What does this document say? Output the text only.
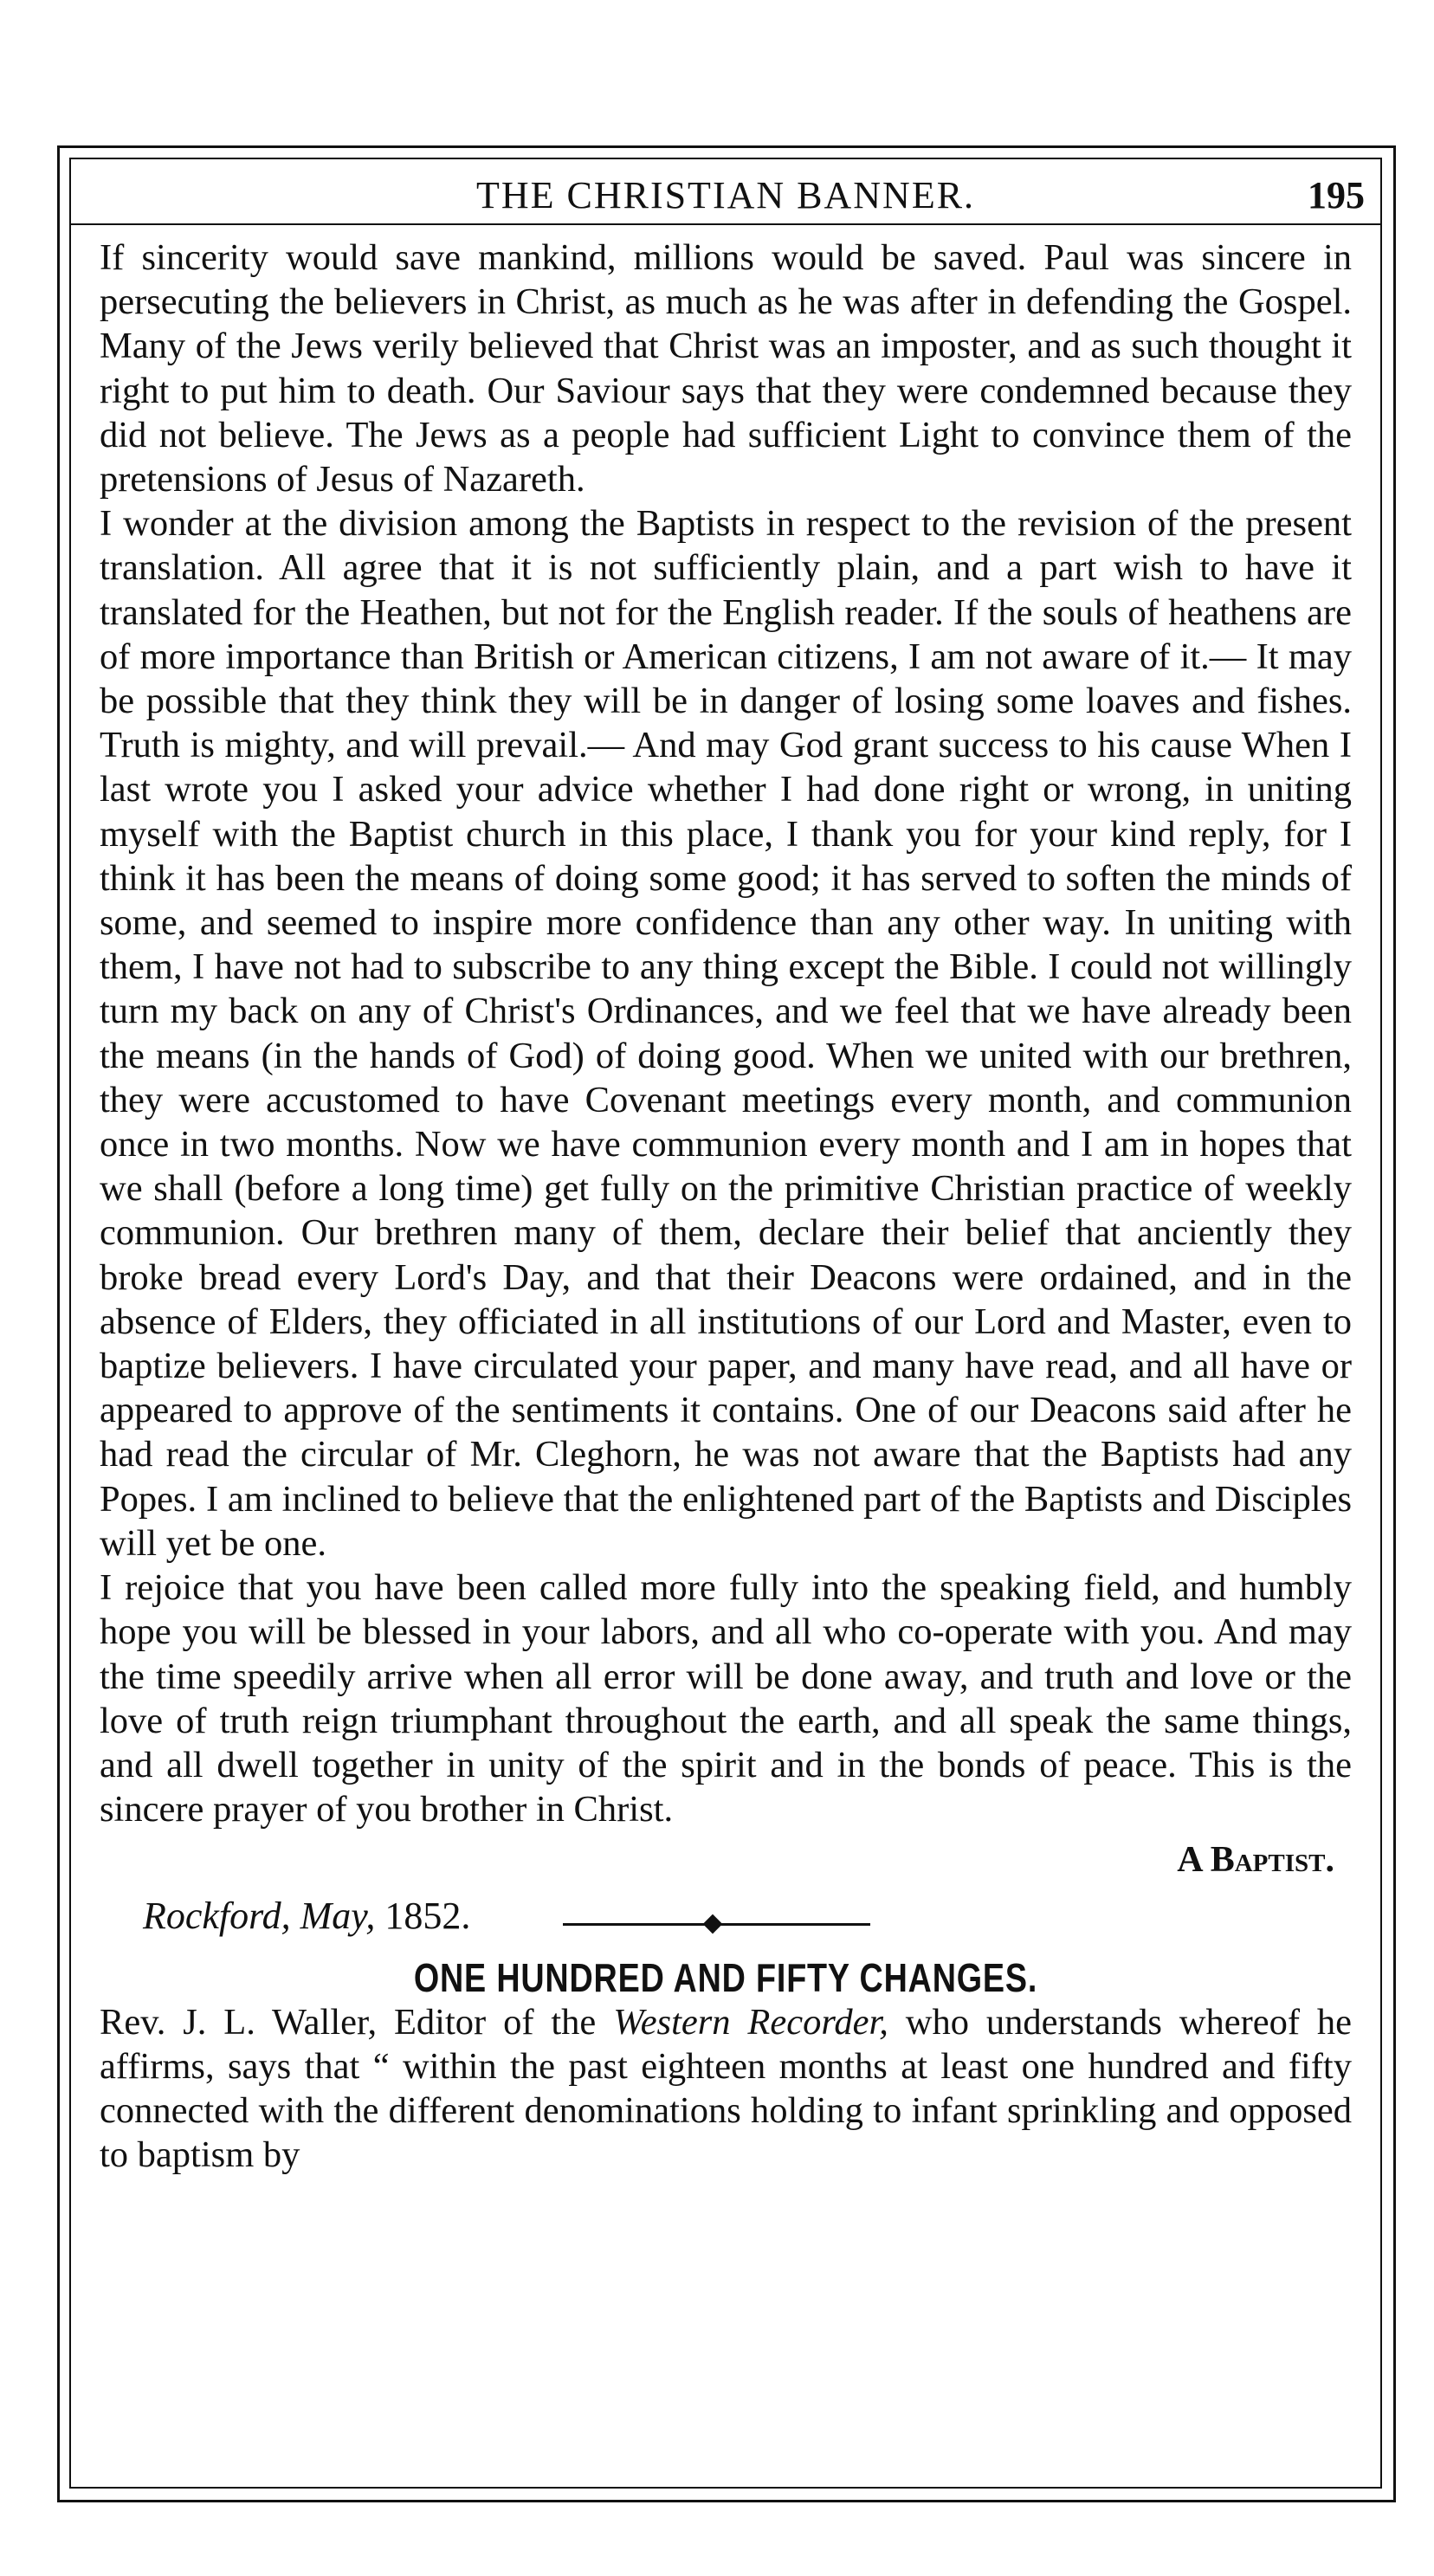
THE CHRISTIAN BANNER.	195

If sincerity would save mankind, millions would be saved. Paul was sincere in persecuting the believers in Christ, as much as he was after in defending the Gospel. Many of the Jews verily believed that Christ was an imposter, and as such thought it right to put him to death. Our Saviour says that they were condemned because they did not believe. The Jews as a people had sufficient Light to convince them of the pretensions of Jesus of Nazareth.

I wonder at the division among the Baptists in respect to the revision of the present translation. All agree that it is not sufficiently plain, and a part wish to have it translated for the Heathen, but not for the English reader. If the souls of heathens are of more importance than British or American citizens, I am not aware of it.— It may be possible that they think they will be in danger of losing some loaves and fishes. Truth is mighty, and will prevail.— And may God grant success to his cause When I last wrote you I asked your advice whether I had done right or wrong, in uniting myself with the Baptist church in this place, I thank you for your kind reply, for I think it has been the means of doing some good; it has served to soften the minds of some, and seemed to inspire more confidence than any other way. In uniting with them, I have not had to subscribe to any thing except the Bible. I could not willingly turn my back on any of Christ's Ordinances, and we feel that we have already been the means (in the hands of God) of doing good. When we united with our brethren, they were accustomed to have Covenant meetings every month, and communion once in two months. Now we have communion every month and I am in hopes that we shall (before a long time) get fully on the primitive Christian practice of weekly communion. Our brethren many of them, declare their belief that anciently they broke bread every Lord's Day, and that their Deacons were ordained, and in the absence of Elders, they officiated in all institutions of our Lord and Master, even to baptize believers. I have circulated your paper, and many have read, and all have or appeared to approve of the sentiments it contains. One of our Deacons said after he had read the circular of Mr. Cleghorn, he was not aware that the Baptists had any Popes. I am inclined to believe that the enlightened part of the Baptists and Disciples will yet be one.

I rejoice that you have been called more fully into the speaking field, and humbly hope you will be blessed in your labors, and all who co-operate with you. And may the time speedily arrive when all error will be done away, and truth and love or the love of truth reign triumphant throughout the earth, and all speak the same things, and all dwell together in unity of the spirit and in the bonds of peace. This is the sincere prayer of you brother in Christ.

A Baptist.
Rockford, May, 1852.
ONE HUNDRED AND FIFTY CHANGES.

Rev. J. L. Waller, Editor of the Western Recorder, who understands whereof he affirms, says that “ within the past eighteen months at least one hundred and fifty connected with the different denominations holding to infant sprinkling and opposed to baptism by
